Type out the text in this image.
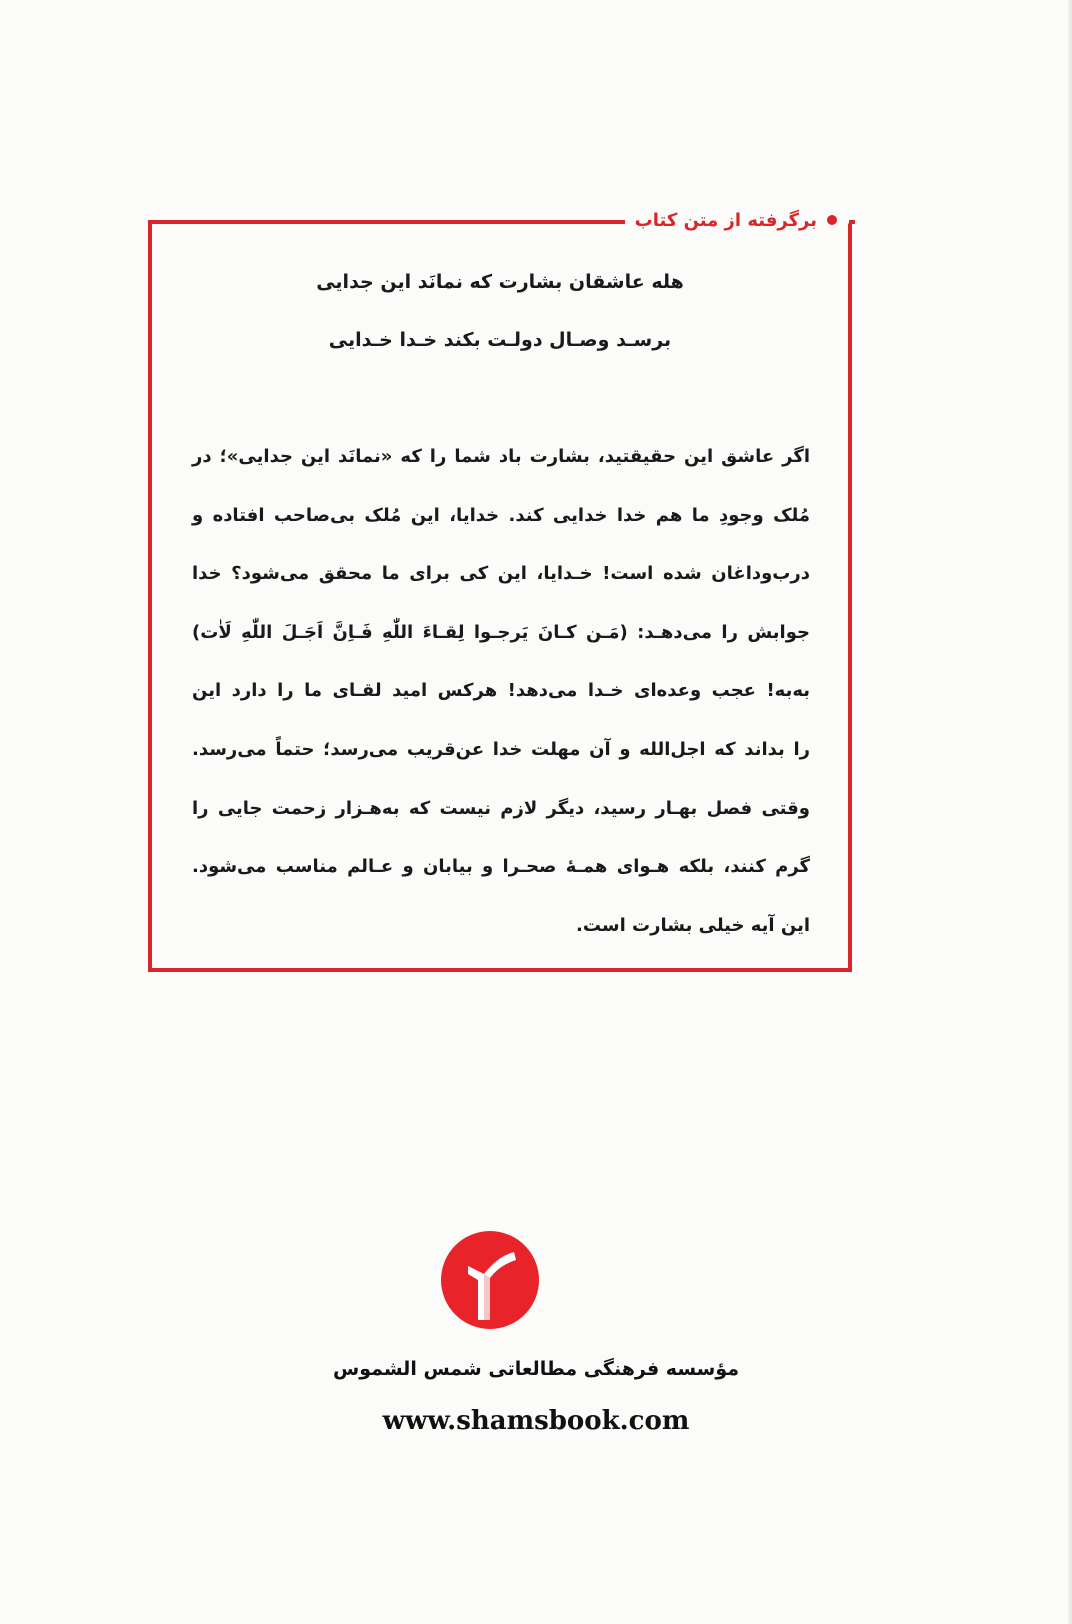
برگرفته از متن کتاب
هله عاشقان بشارت که نمانَد این جدایی
برسـد وصـال دولـت بکند خـدا خـدایی
اگر عاشق این حقیقتید، بشارت باد شما را که «نمانَد این جدایی»؛ در
مُلک وجودِ ما هم خدا خدایی کند. خدایا، این مُلک بی‌صاحب افتاده و
درب‌وداغان شده است! خـدایا، این کی برای ما محقق می‌شود؟ خدا
جوابش را می‌دهـد: (مَـن کـانَ یَرجـوا لِقـاءَ اللّٰهِ فَـاِنَّ اَجَـلَ اللّٰهِ لَاٰت)
به‌به! عجب وعده‌ای خـدا می‌دهد! هرکس امید لقـای ما را دارد این
را بداند که اجل‌الله و آن مهلت خدا عن‌قریب می‌رسد؛ حتماً می‌رسد.
وقتی فصل بهـار رسید، دیگر لازم نیست که به‌هـزار زحمت جایی را
گرم کنند، بلکه هـوای همـۀ صحـرا و بیابان و عـالم مناسب می‌شود.
این آیه خیلی بشارت است.
مؤسسه فرهنگی مطالعاتی شمس الشموس
www.shamsbook.com
